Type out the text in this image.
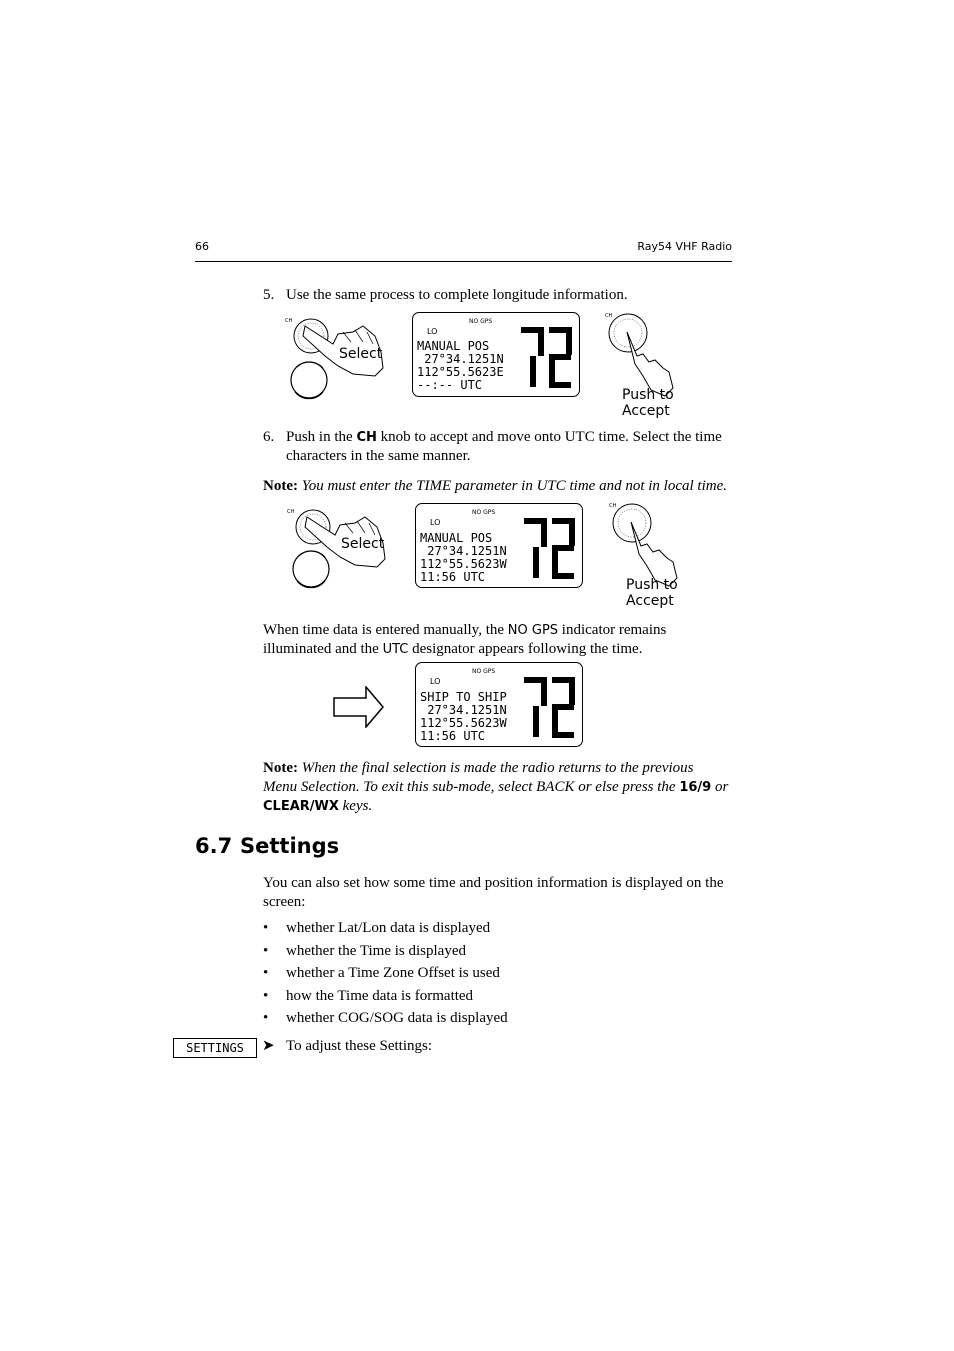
66	Ray54 VHF Radio
5. Use the same process to complete longitude information.
CH
Select
NO GPS
LO
MANUAL POS
27°34.1251N
112°55.5623E
--:-- UTC
CH
Push to Accept
6. Push in the CH knob to accept and move onto UTC time. Select the time
characters in the same manner.
Note: You must enter the TIME parameter in UTC time and not in local time.
CH
Select
NO GPS
LO
MANUAL POS
27°34.1251N
112°55.5623W
11:56 UTC
CH
Push to Accept
When time data is entered manually, the NO GPS indicator remains
illuminated and the UTC designator appears following the time.
NO GPS
LO
SHIP TO SHIP
27°34.1251N
112°55.5623W
11:56 UTC
Note: When the final selection is made the radio returns to the previous
Menu Selection. To exit this sub-mode, select BACK or else press the 16/9 or
CLEAR/WX keys.
6.7 Settings
You can also set how some time and position information is displayed on the
screen:
• whether Lat/Lon data is displayed
• whether the Time is displayed
• whether a Time Zone Offset is used
• how the Time data is formatted
• whether COG/SOG data is displayed
SETTINGS	➤ To adjust these Settings:
